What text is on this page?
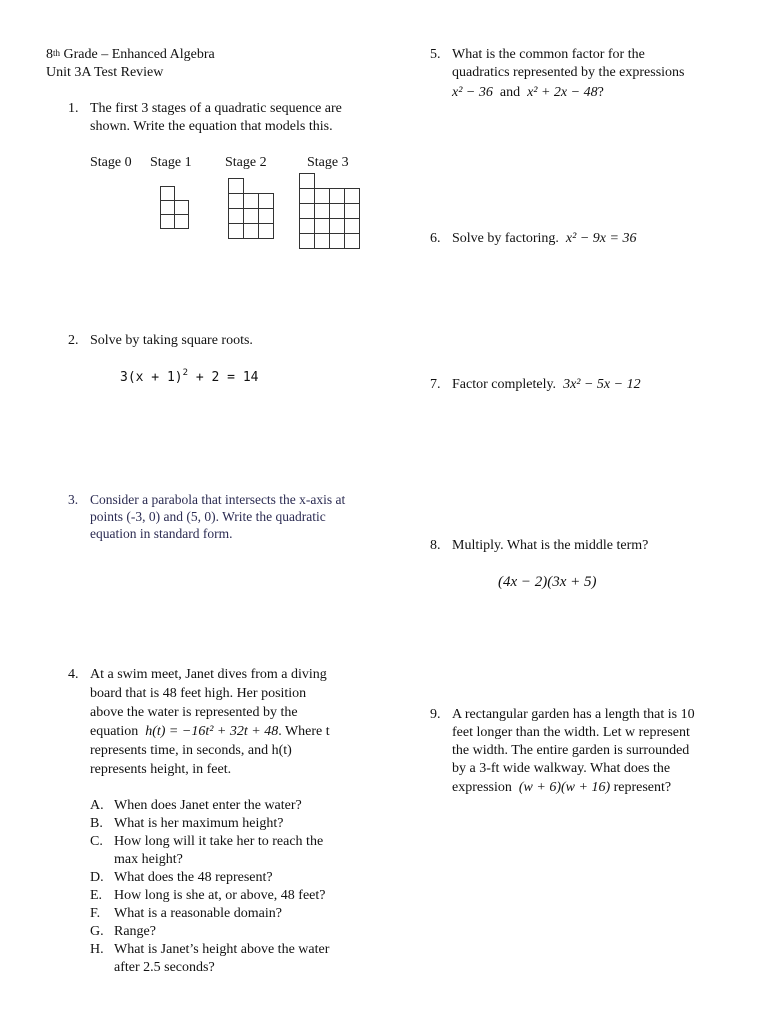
8th Grade – Enhanced Algebra
Unit 3A Test Review
1. The first 3 stages of a quadratic sequence are
shown. Write the equation that models this.
Stage 0 Stage 1 Stage 2	Stage 3
2. Solve by taking square roots.
$3(x + 1)^2 + 2 = 14$
3. Consider a parabola that intersects the x-axis at
points (-3, 0) and (5, 0). Write the quadratic
equation in standard form.
4. At a swim meet, Janet dives from a diving
board that is 48 feet high. Her position
above the water is represented by the
equation h(t) = −16t² + 32t + 48. Where t
represents time, in seconds, and h(t)
represents height, in feet.
A. When does Janet enter the water?
B. What is her maximum height?
C. How long will it take her to reach the
max height?
D. What does the 48 represent?
E. How long is she at, or above, 48 feet?
F. What is a reasonable domain?
G. Range?
H. What is Janet’s height above the water
after 2.5 seconds?
5. What is the common factor for the
quadratics represented by the expressions
x² − 36 and x² + 2x − 48?
6. Solve by factoring. x² − 9x = 36
7. Factor completely. 3x² − 5x − 12
8. Multiply. What is the middle term?
(4x − 2)(3x + 5)
9. A rectangular garden has a length that is 10
feet longer than the width. Let w represent
the width. The entire garden is surrounded
by a 3-ft wide walkway. What does the
expression (w + 6)(w + 16) represent?
